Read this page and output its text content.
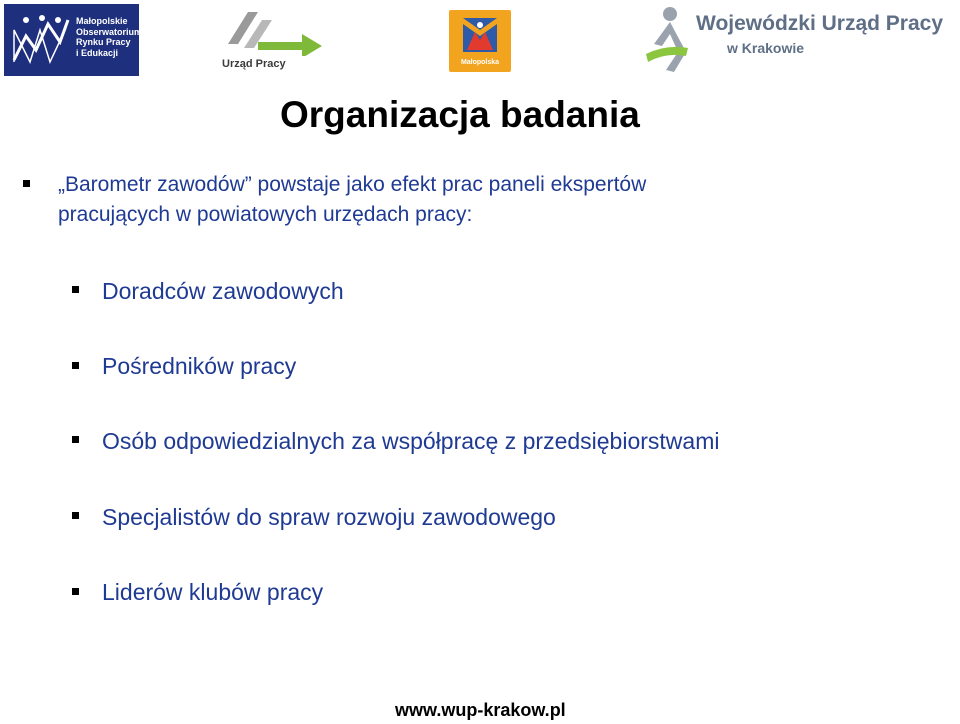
Małopolskie
Obserwatorium
Rynku Pracy
i Edukacji
Urząd Pracy	Małopolska
Wojewódzki Urząd Pracy
w Krakowie
Organizacja badania
„Barometr zawodów” powstaje jako efekt prac paneli ekspertów
pracujących w powiatowych urzędach pracy:
Doradców zawodowych
Pośredników pracy
Osób odpowiedzialnych za współpracę z przedsiębiorstwami
Specjalistów do spraw rozwoju zawodowego
Liderów klubów pracy
www.wup-krakow.pl
